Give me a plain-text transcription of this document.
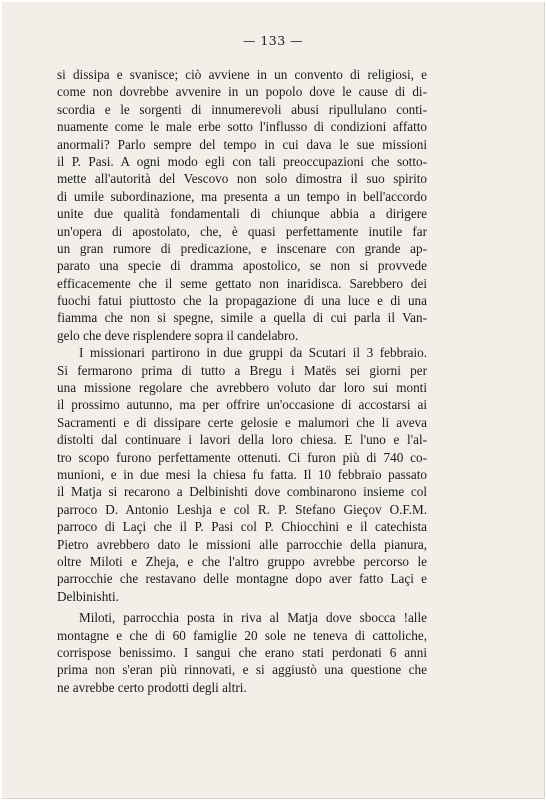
— 133 —
si dissipa e svanisce; ciò avviene in un convento di religiosi, e
come non dovrebbe avvenire in un popolo dove le cause di di-
scordia e le sorgenti di innumerevoli abusi ripullulano conti-
nuamente come le male erbe sotto l'influsso di condizioni affatto
anormali? Parlo sempre del tempo in cui dava le sue missioni
il P. Pasi. A ogni modo egli con tali preoccupazioni che sotto-
mette all'autorità del Vescovo non solo dimostra il suo spirito
di umile subordinazione, ma presenta a un tempo in bell'accordo
unite due qualità fondamentali di chiunque abbia a dirigere
un'opera di apostolato, che, è quasi perfettamente inutile far
un gran rumore di predicazione, e inscenare con grande ap-
parato una specie di dramma apostolico, se non si provvede
efficacemente che il seme gettato non inaridisca. Sarebbero dei
fuochi fatui piuttosto che la propagazione di una luce e di una
fiamma che non si spegne, simile a quella di cui parla il Van-
gelo che deve risplendere sopra il candelabro.
I missionari partirono in due gruppi da Scutari il 3 febbraio.
Si fermarono prima di tutto a Bregu i Matës sei giorni per
una missione regolare che avrebbero voluto dar loro sui monti
il prossimo autunno, ma per offrire un'occasione di accostarsi ai
Sacramenti e di dissipare certe gelosie e malumori che li aveva
distolti dal continuare i lavori della loro chiesa. E l'uno e l'al-
tro scopo furono perfettamente ottenuti. Ci furon più di 740 co-
munioni, e in due mesi la chiesa fu fatta. Il 10 febbraio passato
il Matja si recarono a Delbinishti dove combinarono insieme col
parroco D. Antonio Leshja e col R. P. Stefano Gieçov O.F.M.
parroco di Laçi che il P. Pasi col P. Chiocchini e il catechista
Pietro avrebbero dato le missioni alle parrocchie della pianura,
oltre Miloti e Zheja, e che l'altro gruppo avrebbe percorso le
parrocchie che restavano delle montagne dopo aver fatto Laçi e
Delbinishti.
Miloti, parrocchia posta in riva al Matja dove sbocca !alle
montagne e che di 60 famiglie 20 sole ne teneva di cattoliche,
corrispose benissimo. I sangui che erano stati perdonati 6 anni
prima non s'eran più rinnovati, e si aggiustò una questione che
ne avrebbe certo prodotti degli altri.
